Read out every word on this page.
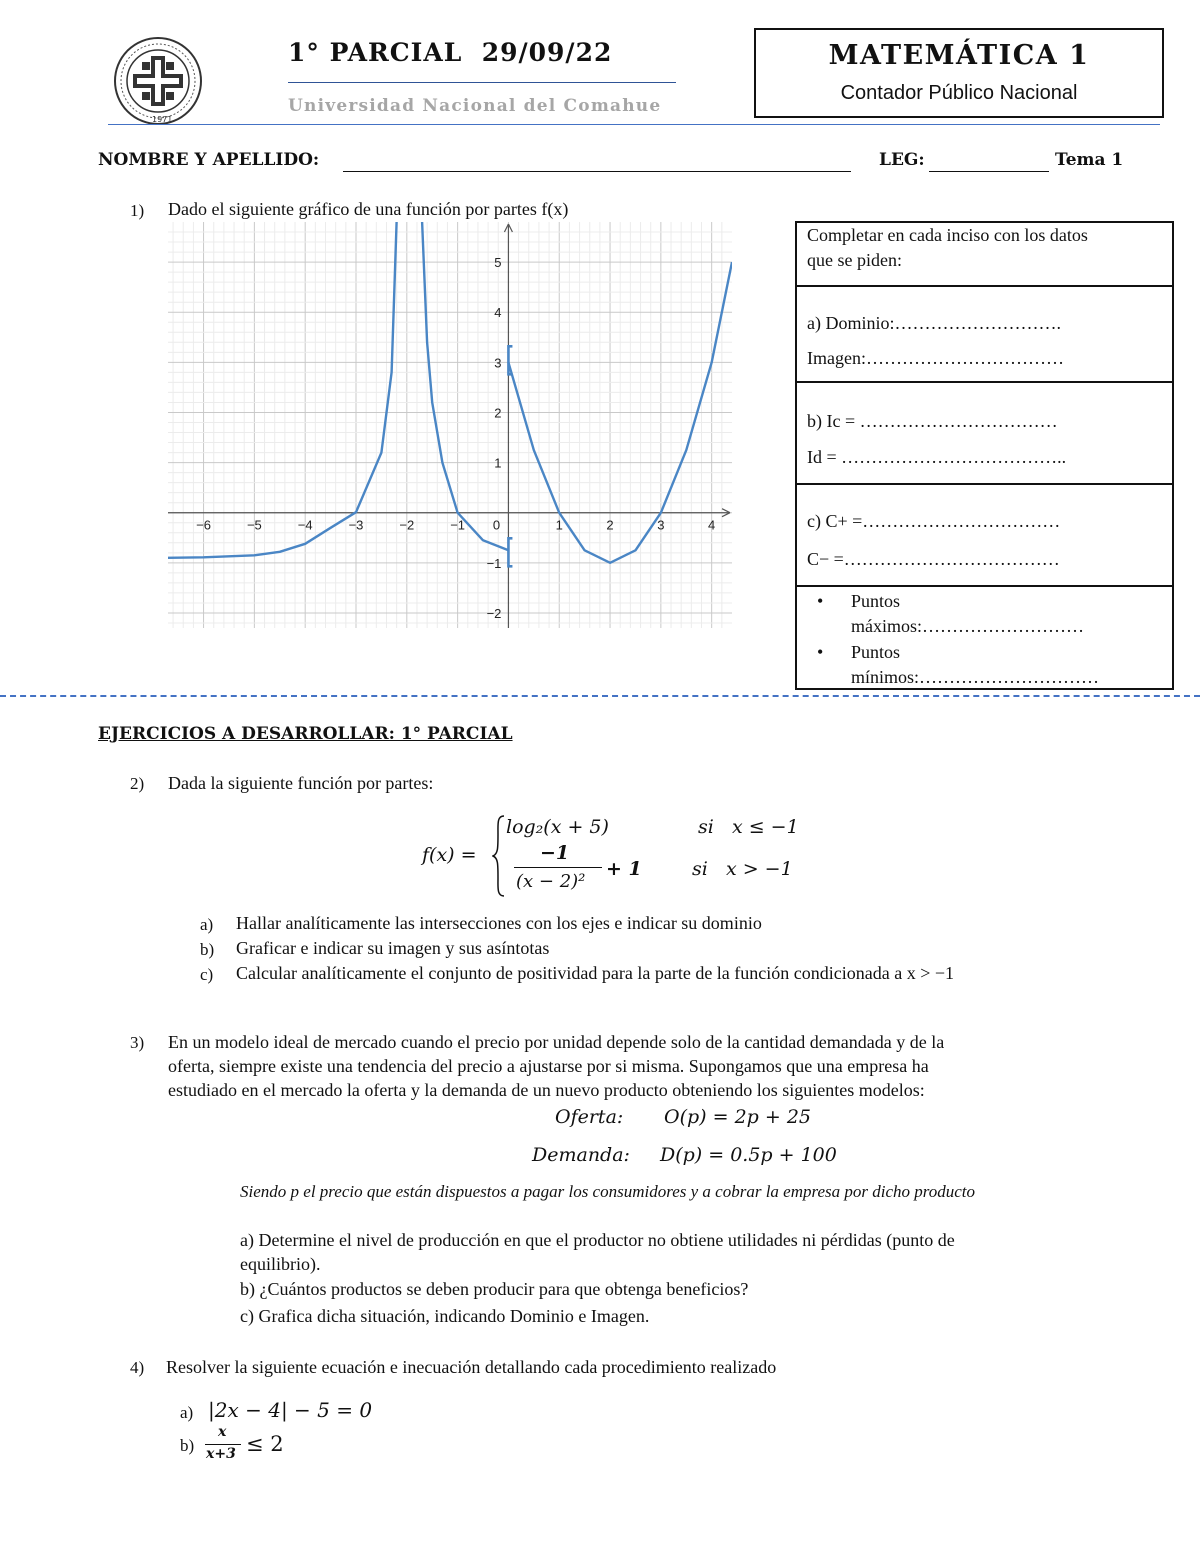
1971
1° PARCIAL  29/09/22
Universidad Nacional del Comahue
MATEMÁTICA 1
Contador Público Nacional
NOMBRE Y APELLIDO:	LEG:	Tema 1
1) Dado el siguiente gráfico de una función por partes f(x)
−6	−5	−4	−3	−2	−1 0	1	2	3	4
−2
−1
1
2
3
4
5
Completar en cada inciso con los datos
que se piden:
a) Dominio:……………………….
Imagen:……………………………
b) Ic = ……………………………
Id = ………………………………..
c) C+ =……………………………
C− =………………………………
• Puntos
máximos:………………………
• Puntos
mínimos:…………………………
EJERCICIOS A DESARROLLAR: 1° PARCIAL
2) Dada la siguiente función por partes:
f(x) =
log₂(x + 5)	si   x ≤ −1
−1
(x − 2)²
+ 1	si   x > −1
a) Hallar analíticamente las intersecciones con los ejes e indicar su dominio
b) Graficar e indicar su imagen y sus asíntotas
c) Calcular analíticamente el conjunto de positividad para la parte de la función condicionada a x > −1
3) En un modelo ideal de mercado cuando el precio por unidad depende solo de la cantidad demandada y de la
oferta, siempre existe una tendencia del precio a ajustarse por si misma. Supongamos que una empresa ha
estudiado en el mercado la oferta y la demanda de un nuevo producto obteniendo los siguientes modelos:
Oferta: O(p) = 2p + 25
Demanda: D(p) = 0.5p + 100
Siendo p el precio que están dispuestos a pagar los consumidores y a cobrar la empresa por dicho producto
a) Determine el nivel de producción en que el productor no obtiene utilidades ni pérdidas (punto de
equilibrio).
b) ¿Cuántos productos se deben producir para que obtenga beneficios?
c) Grafica dicha situación, indicando Dominio e Imagen.
4) Resolver la siguiente ecuación e inecuación detallando cada procedimiento realizado
a) |2x − 4| − 5 = 0
b)
x
x+3 ≤ 2
